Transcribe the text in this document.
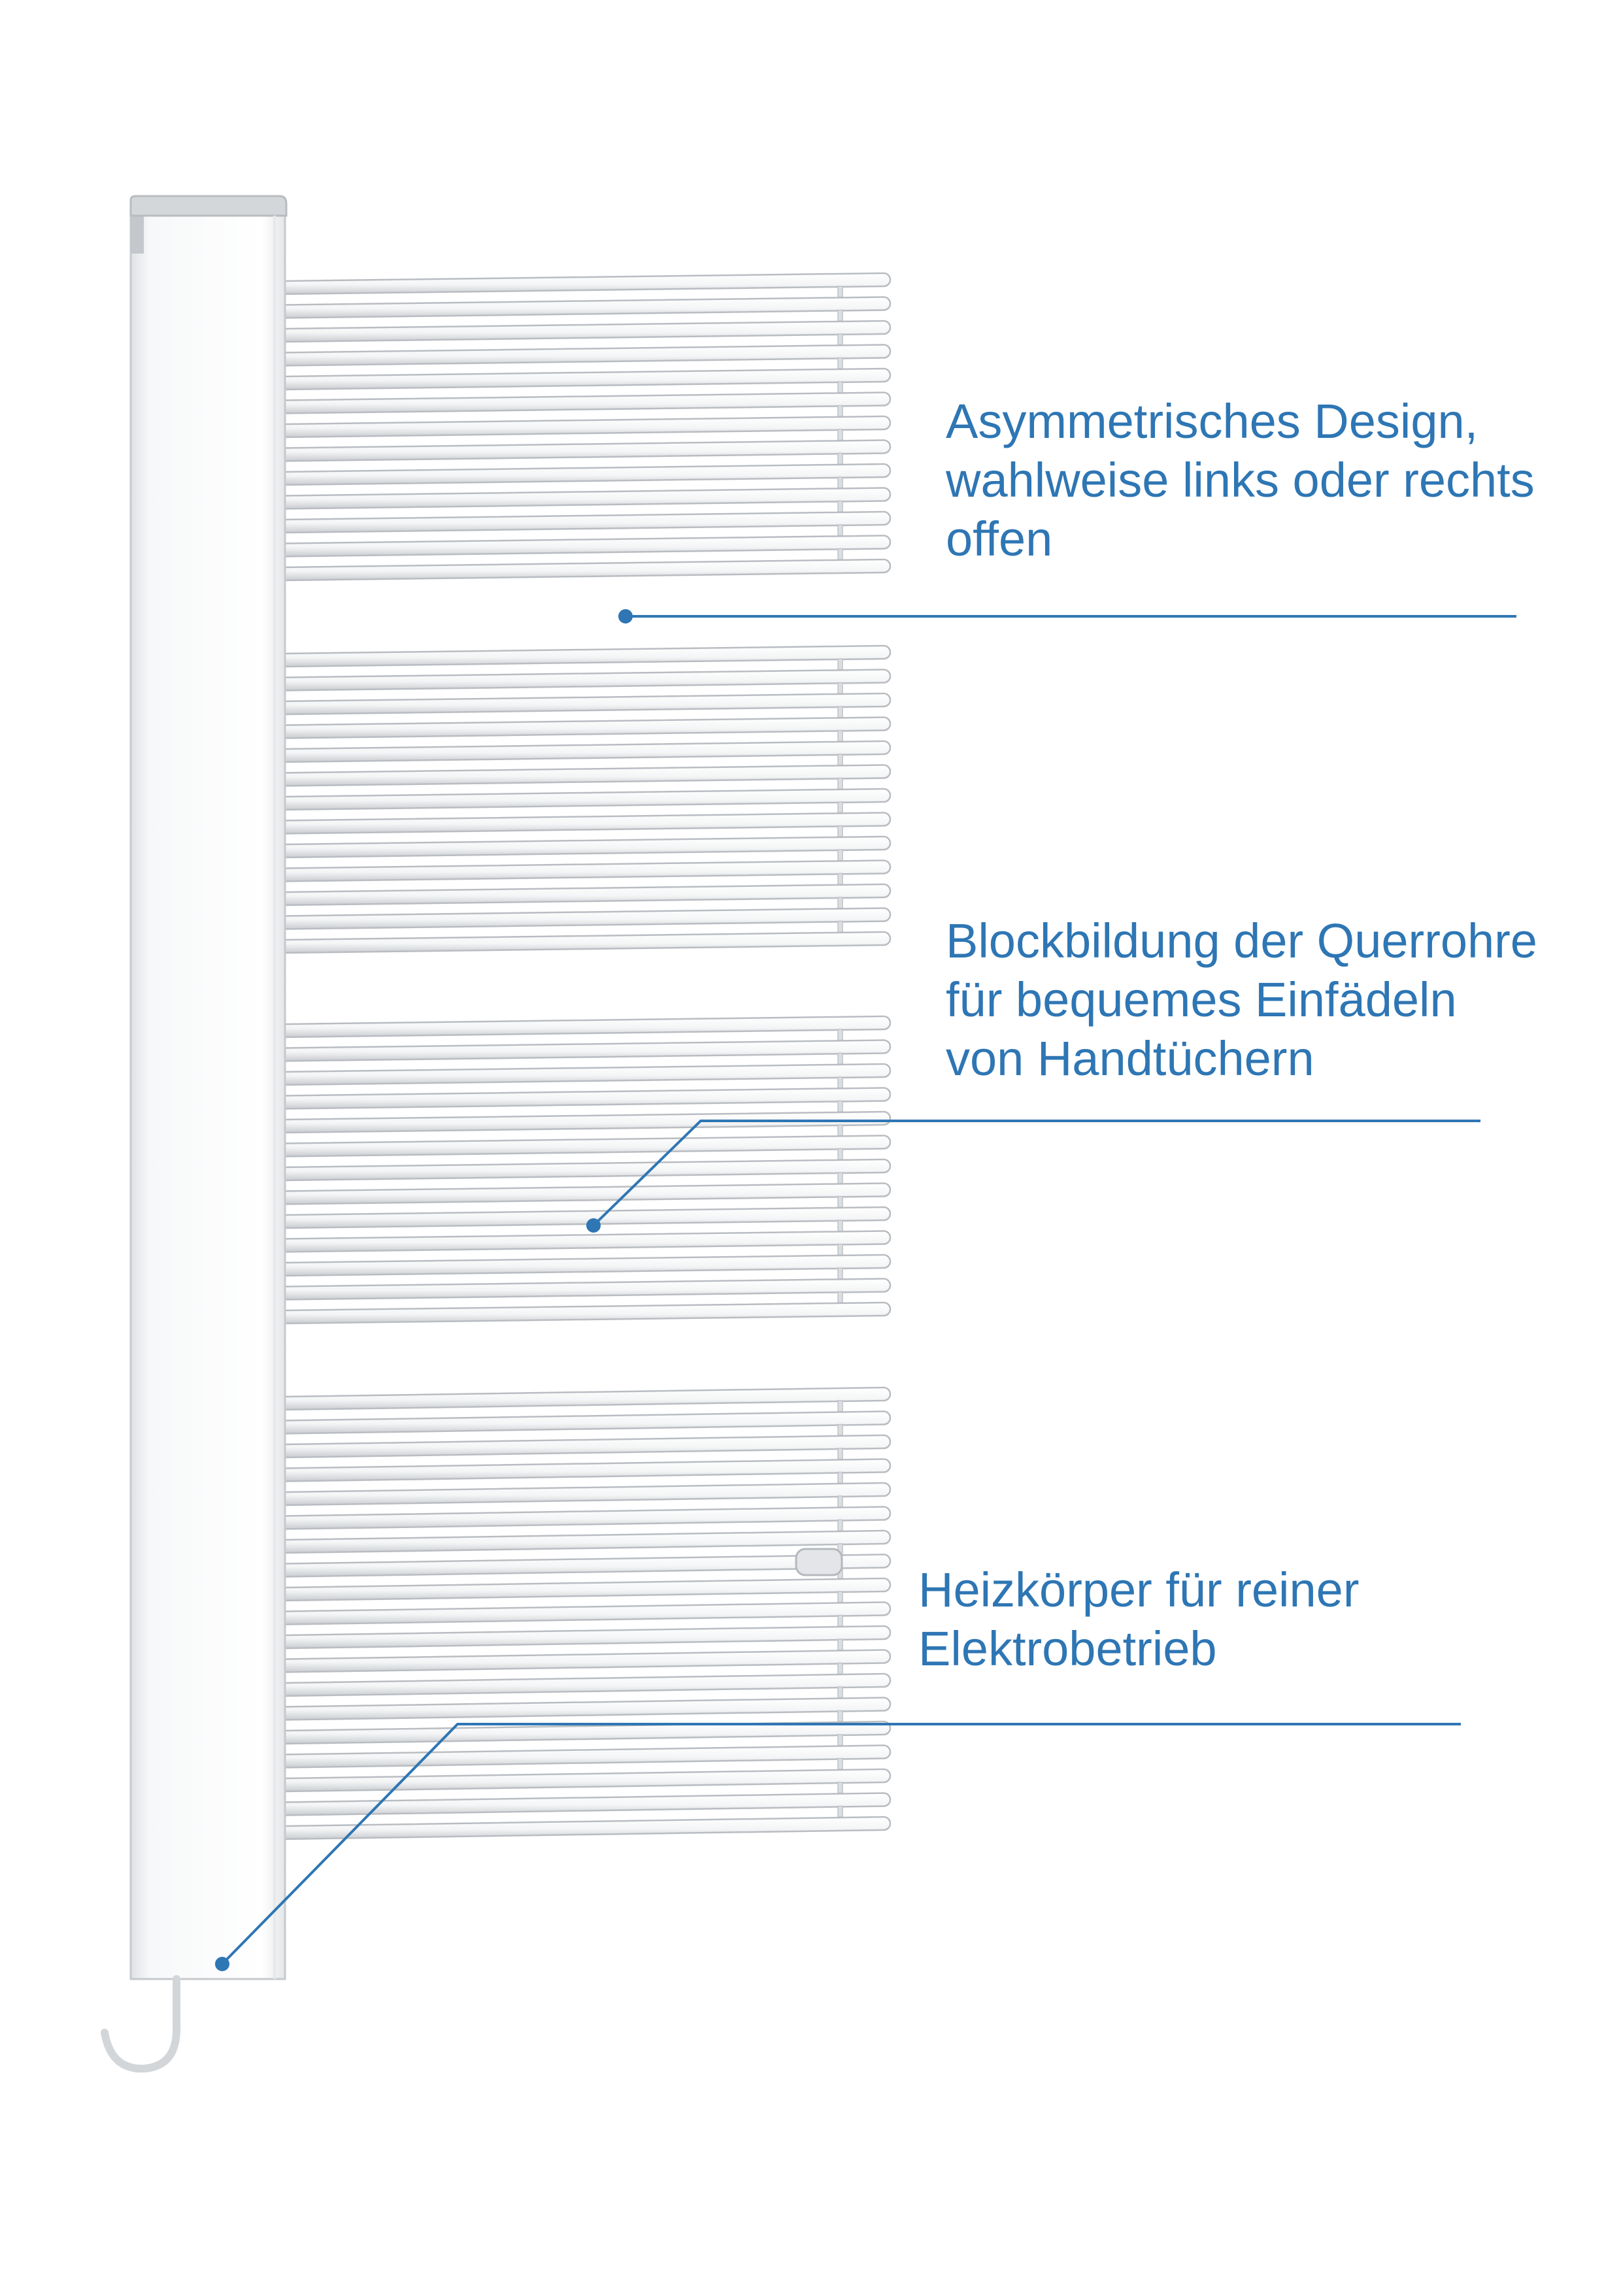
Asymmetrisches Design,
wahlweise links oder rechts
offen

Blockbildung der Querrohre
für bequemes Einfädeln
von Handtüchern

Heizkörper für reiner
Elektrobetrieb
